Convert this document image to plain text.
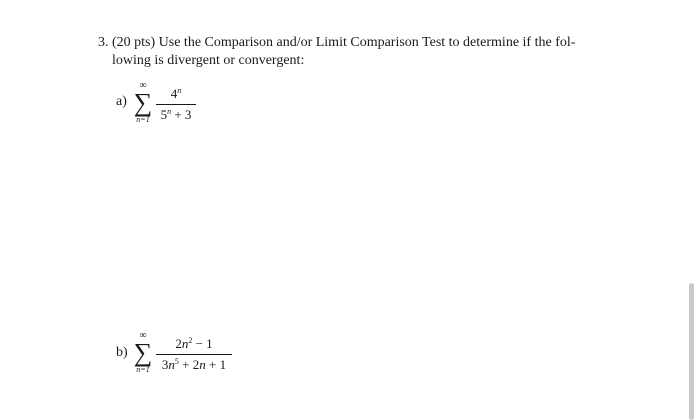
3. (20 pts) Use the Comparison and/or Limit Comparison Test to determine if the fol-
lowing is divergent or convergent:
a)
∞
∑
n=1
4$^n$
$5^n + 3$
b)
∞
∑
n=1
$2n^2 - 1$
$3n^5 + 2n + 1$
